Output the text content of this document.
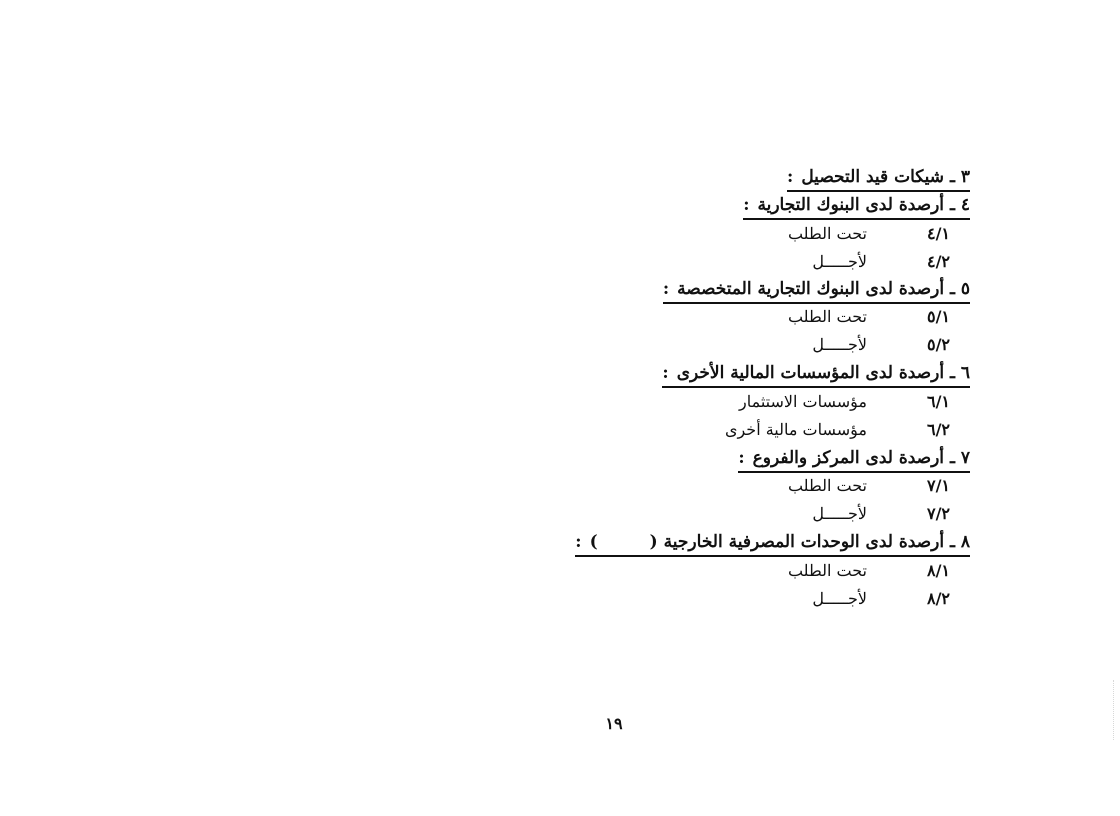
٣ ـ شيكات قيد التحصيل:
٤ ـ أرصدة لدى البنوك التجارية:
٤/١
تحت الطلب
٤/٢
لأجـــــل
٥ ـ أرصدة لدى البنوك التجارية المتخصصة:
٥/١
تحت الطلب
٥/٢
لأجـــــل
٦ ـ أرصدة لدى المؤسسات المالية الأخرى:
٦/١
مؤسسات الاستثمار
٦/٢
مؤسسات مالية أخرى
٧ ـ أرصدة لدى المركز والفروع:
٧/١
تحت الطلب
٧/٢
لأجـــــل
٨ ـ أرصدة لدى الوحدات المصرفية الخارجية():
٨/١
تحت الطلب
٨/٢
لأجـــــل
١٩
